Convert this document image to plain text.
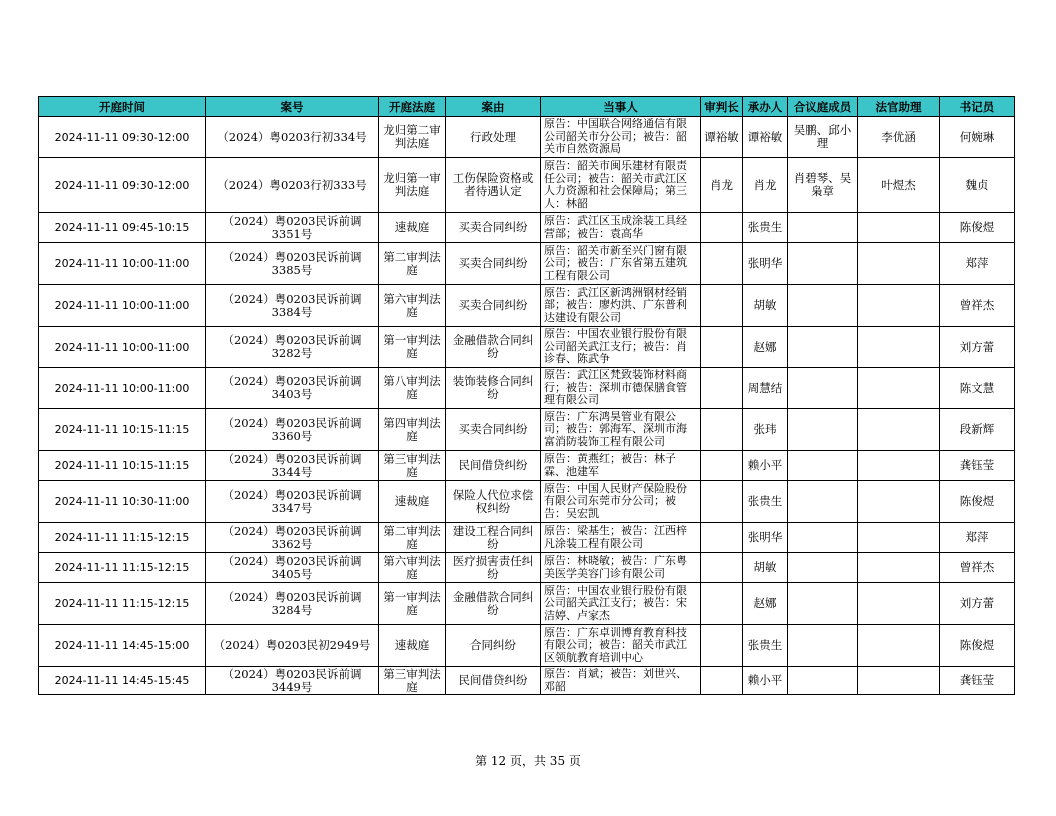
开庭时间	案号	开庭法庭	案由	当事人	审判长	承办人	合议庭成员	法官助理	书记员

2024-11-11 09:30-12:00	（2024）粤0203行初334号	龙归第二审判法庭	行政处理	原告：中国联合网络通信有限公司韶关市分公司；被告：韶关市自然资源局	谭裕敏	谭裕敏	吴鹏、邱小理	李优涵	何婉琳

2024-11-11 09:30-12:00	（2024）粤0203行初333号	龙归第一审判法庭	工伤保险资格或者待遇认定	原告：韶关市闽乐建材有限责任公司；被告：韶关市武江区人力资源和社会保障局；第三人：林韶	肖龙	肖龙	肖碧琴、吴枭章	叶煜杰	魏贞

2024-11-11 09:45-10:15	（2024）粤0203民诉前调3351号	速裁庭	买卖合同纠纷	原告：武江区玉成涂装工具经营部；被告：袁高华		张贵生			陈俊煜

2024-11-11 10:00-11:00	（2024）粤0203民诉前调3385号	第二审判法庭	买卖合同纠纷	原告：韶关市新至兴门窗有限公司；被告：广东省第五建筑工程有限公司		张明华			郑萍

2024-11-11 10:00-11:00	（2024）粤0203民诉前调3384号	第六审判法庭	买卖合同纠纷	原告：武江区新鸿洲钢材经销部；被告：廖灼洪、广东普利达建设有限公司		胡敏			曾祥杰

2024-11-11 10:00-11:00	（2024）粤0203民诉前调3282号	第一审判法庭	金融借款合同纠纷	原告：中国农业银行股份有限公司韶关武江支行；被告：肖诊春、陈武争		赵娜			刘方蕾

2024-11-11 10:00-11:00	（2024）粤0203民诉前调3403号	第八审判法庭	装饰装修合同纠纷	原告：武江区梵致装饰材料商行；被告：深圳市德保膳食管理有限公司		周慧结			陈文慧

2024-11-11 10:15-11:15	（2024）粤0203民诉前调3360号	第四审判法庭	买卖合同纠纷	原告：广东鸿昊管业有限公司；被告：郭海军、深圳市海富消防装饰工程有限公司		张玮			段新辉

2024-11-11 10:15-11:15	（2024）粤0203民诉前调3344号	第三审判法庭	民间借贷纠纷	原告：黄燕红；被告：林子霖、池建军		赖小平			龚钰莹

2024-11-11 10:30-11:00	（2024）粤0203民诉前调3347号	速裁庭	保险人代位求偿权纠纷	原告：中国人民财产保险股份有限公司东莞市分公司；被告：吴宏凯		张贵生			陈俊煜

2024-11-11 11:15-12:15	（2024）粤0203民诉前调3362号	第二审判法庭	建设工程合同纠纷	原告：梁基生；被告：江西梓凡涂装工程有限公司		张明华			郑萍

2024-11-11 11:15-12:15	（2024）粤0203民诉前调3405号	第六审判法庭	医疗损害责任纠纷	原告：林晓敏；被告：广东粤美医学美容门诊有限公司		胡敏			曾祥杰

2024-11-11 11:15-12:15	（2024）粤0203民诉前调3284号	第一审判法庭	金融借款合同纠纷	原告：中国农业银行股份有限公司韶关武江支行；被告：宋洁婷、卢家杰		赵娜			刘方蕾

2024-11-11 14:45-15:00	（2024）粤0203民初2949号	速裁庭	合同纠纷	原告：广东卓训博育教育科技有限公司；被告：韶关市武江区领航教育培训中心		张贵生			陈俊煜

2024-11-11 14:45-15:45	（2024）粤0203民诉前调3449号	第三审判法庭	民间借贷纠纷	原告：肖斌；被告：刘世兴、邓韶		赖小平			龚钰莹
第 12 页，共 35 页
